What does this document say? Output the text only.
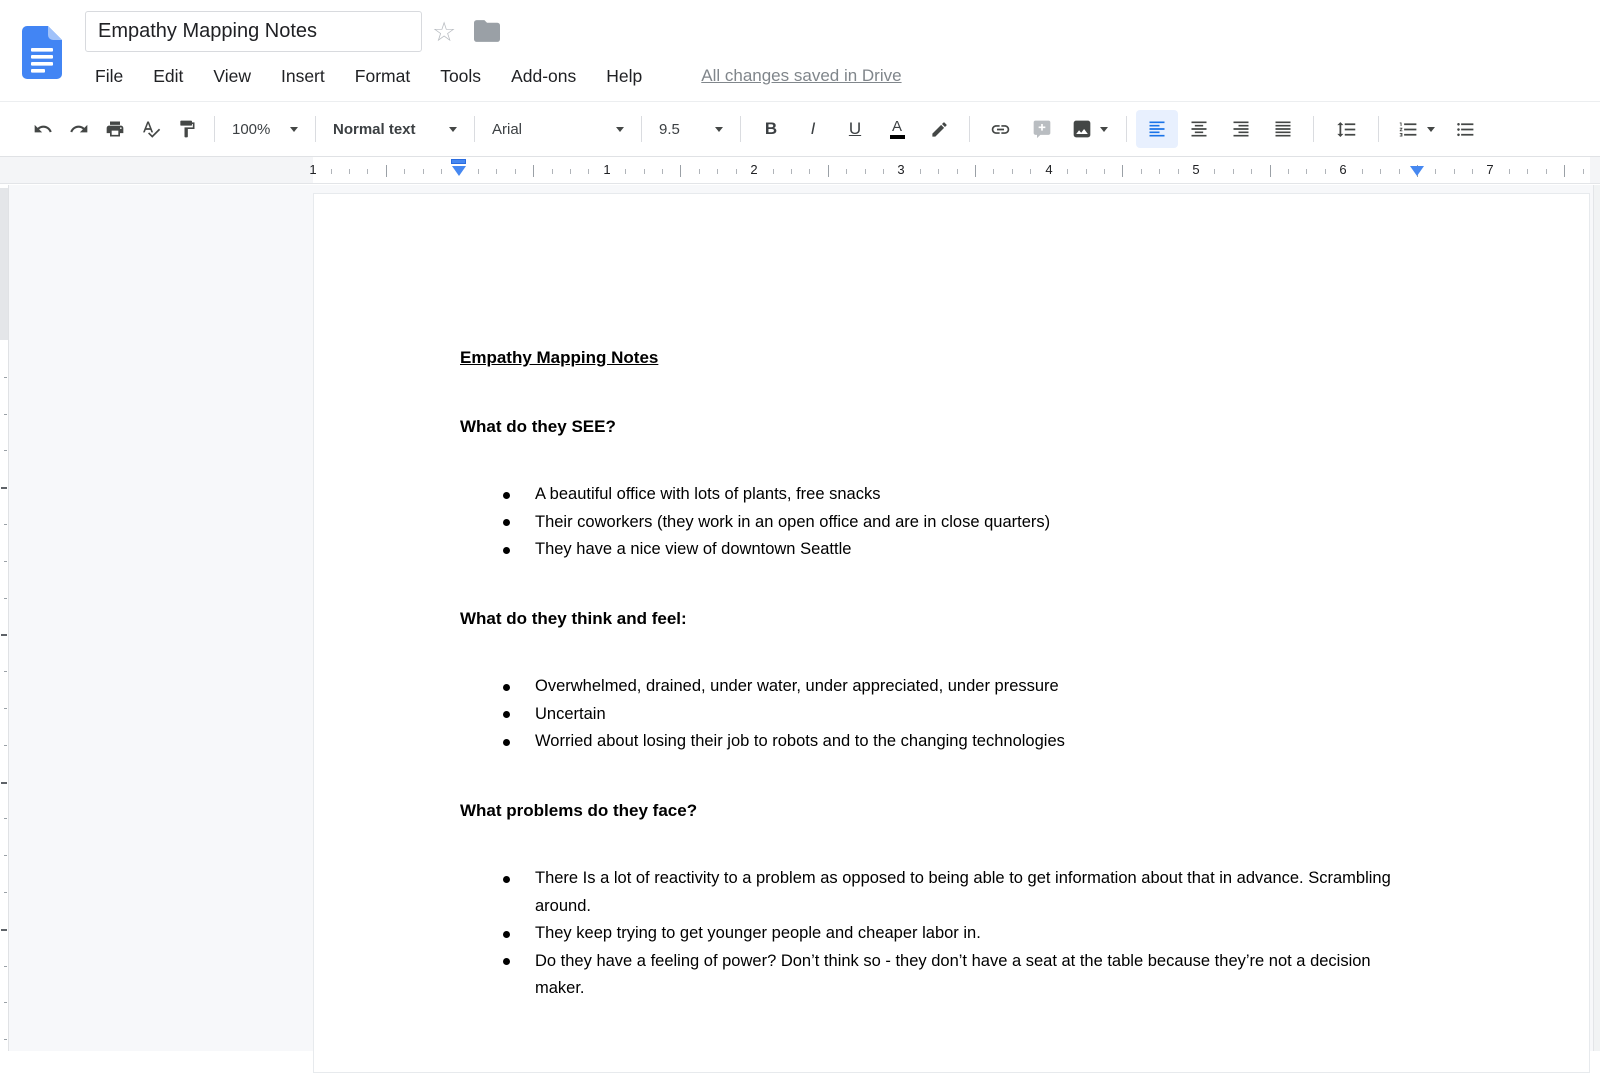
Empathy Mapping Notes
☆
File Edit View Insert Format Tools Add-ons Help	All changes saved in Drive
100%	Normal text	Arial	9.5	B I U A
1	1	2	3	4	5	6	7
Empathy Mapping Notes
What do they SEE?
A beautiful office with lots of plants, free snacks
Their coworkers (they work in an open office and are in close quarters)
They have a nice view of downtown Seattle
What do they think and feel:
Overwhelmed, drained, under water, under appreciated, under pressure
Uncertain
Worried about losing their job to robots and to the changing technologies
What problems do they face?
There Is a lot of reactivity to a problem as opposed to being able to get information about that in advance. Scrambling around.
They keep trying to get younger people and cheaper labor in.
Do they have a feeling of power? Don’t think so - they don’t have a seat at the table because they’re not a decision maker.
